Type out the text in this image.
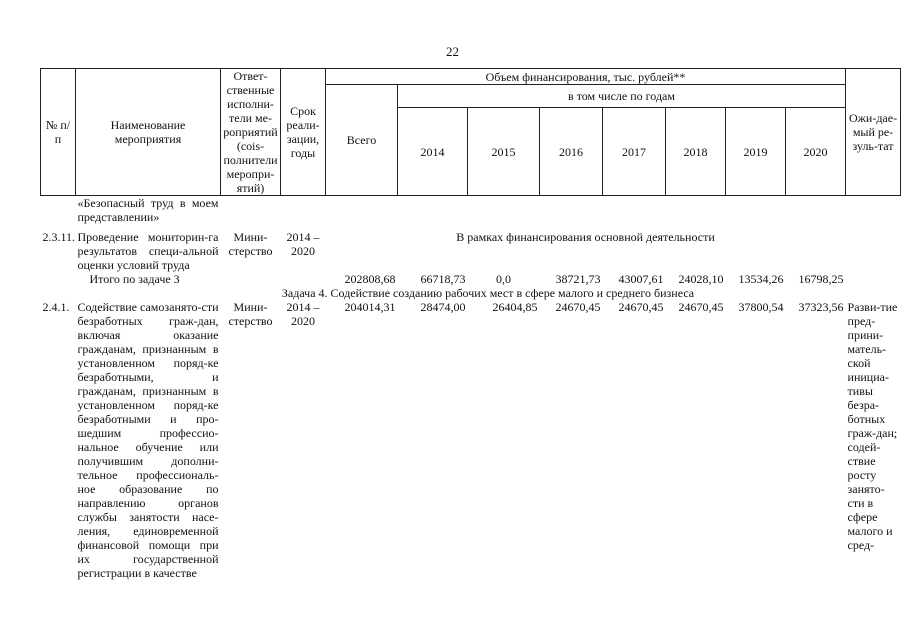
22
№ п/п	Наименование мероприятия	Ответ-ственные исполни-тели ме-роприятий (сois-полнители меропри-ятий)	Срок реали-зации, годы	Объем финансирования, тыс. рублей**								Ожи-дае-мый ре-зуль-тат
				Всего	в том числе по годам							
					2014	2015	2016	2017	2018	2019	2020	
	«Безопасный труд в моем представлении»											
2.3.11.	Проведение мониторин-га результатов специ-альной оценки условий труда	Мини-стерство	2014 – 2020	В рамках финансирования основной деятельности								
	Итого по задаче 3			202808,68	66718,73	0,0	38721,73	43007,61	24028,10	13534,26	16798,25	
	Задача 4. Содействие созданию рабочих мест в сфере малого и среднего бизнеса											
2.4.1.	Содействие самозанято-сти безработных граж-дан, включая оказание гражданам, признанным в установленном поряд-ке безработными, и гражданам, признанным в установленном поряд-ке безработными и про-шедшим профессио-нальное обучение или получившим дополни-тельное профессиональ-ное образование по направлению органов службы занятости насе-ления, единовременной финансовой помощи при их государственной регистрации в качестве	Мини-стерство	2014 – 2020	204014,31	28474,00	26404,85	24670,45	24670,45	24670,45	37800,54	37323,56	Разви-тие пред-прини-матель-ской инициа-тивы безра-ботных граж-дан; содей-ствие росту занято-сти в сфере малого и сред-
